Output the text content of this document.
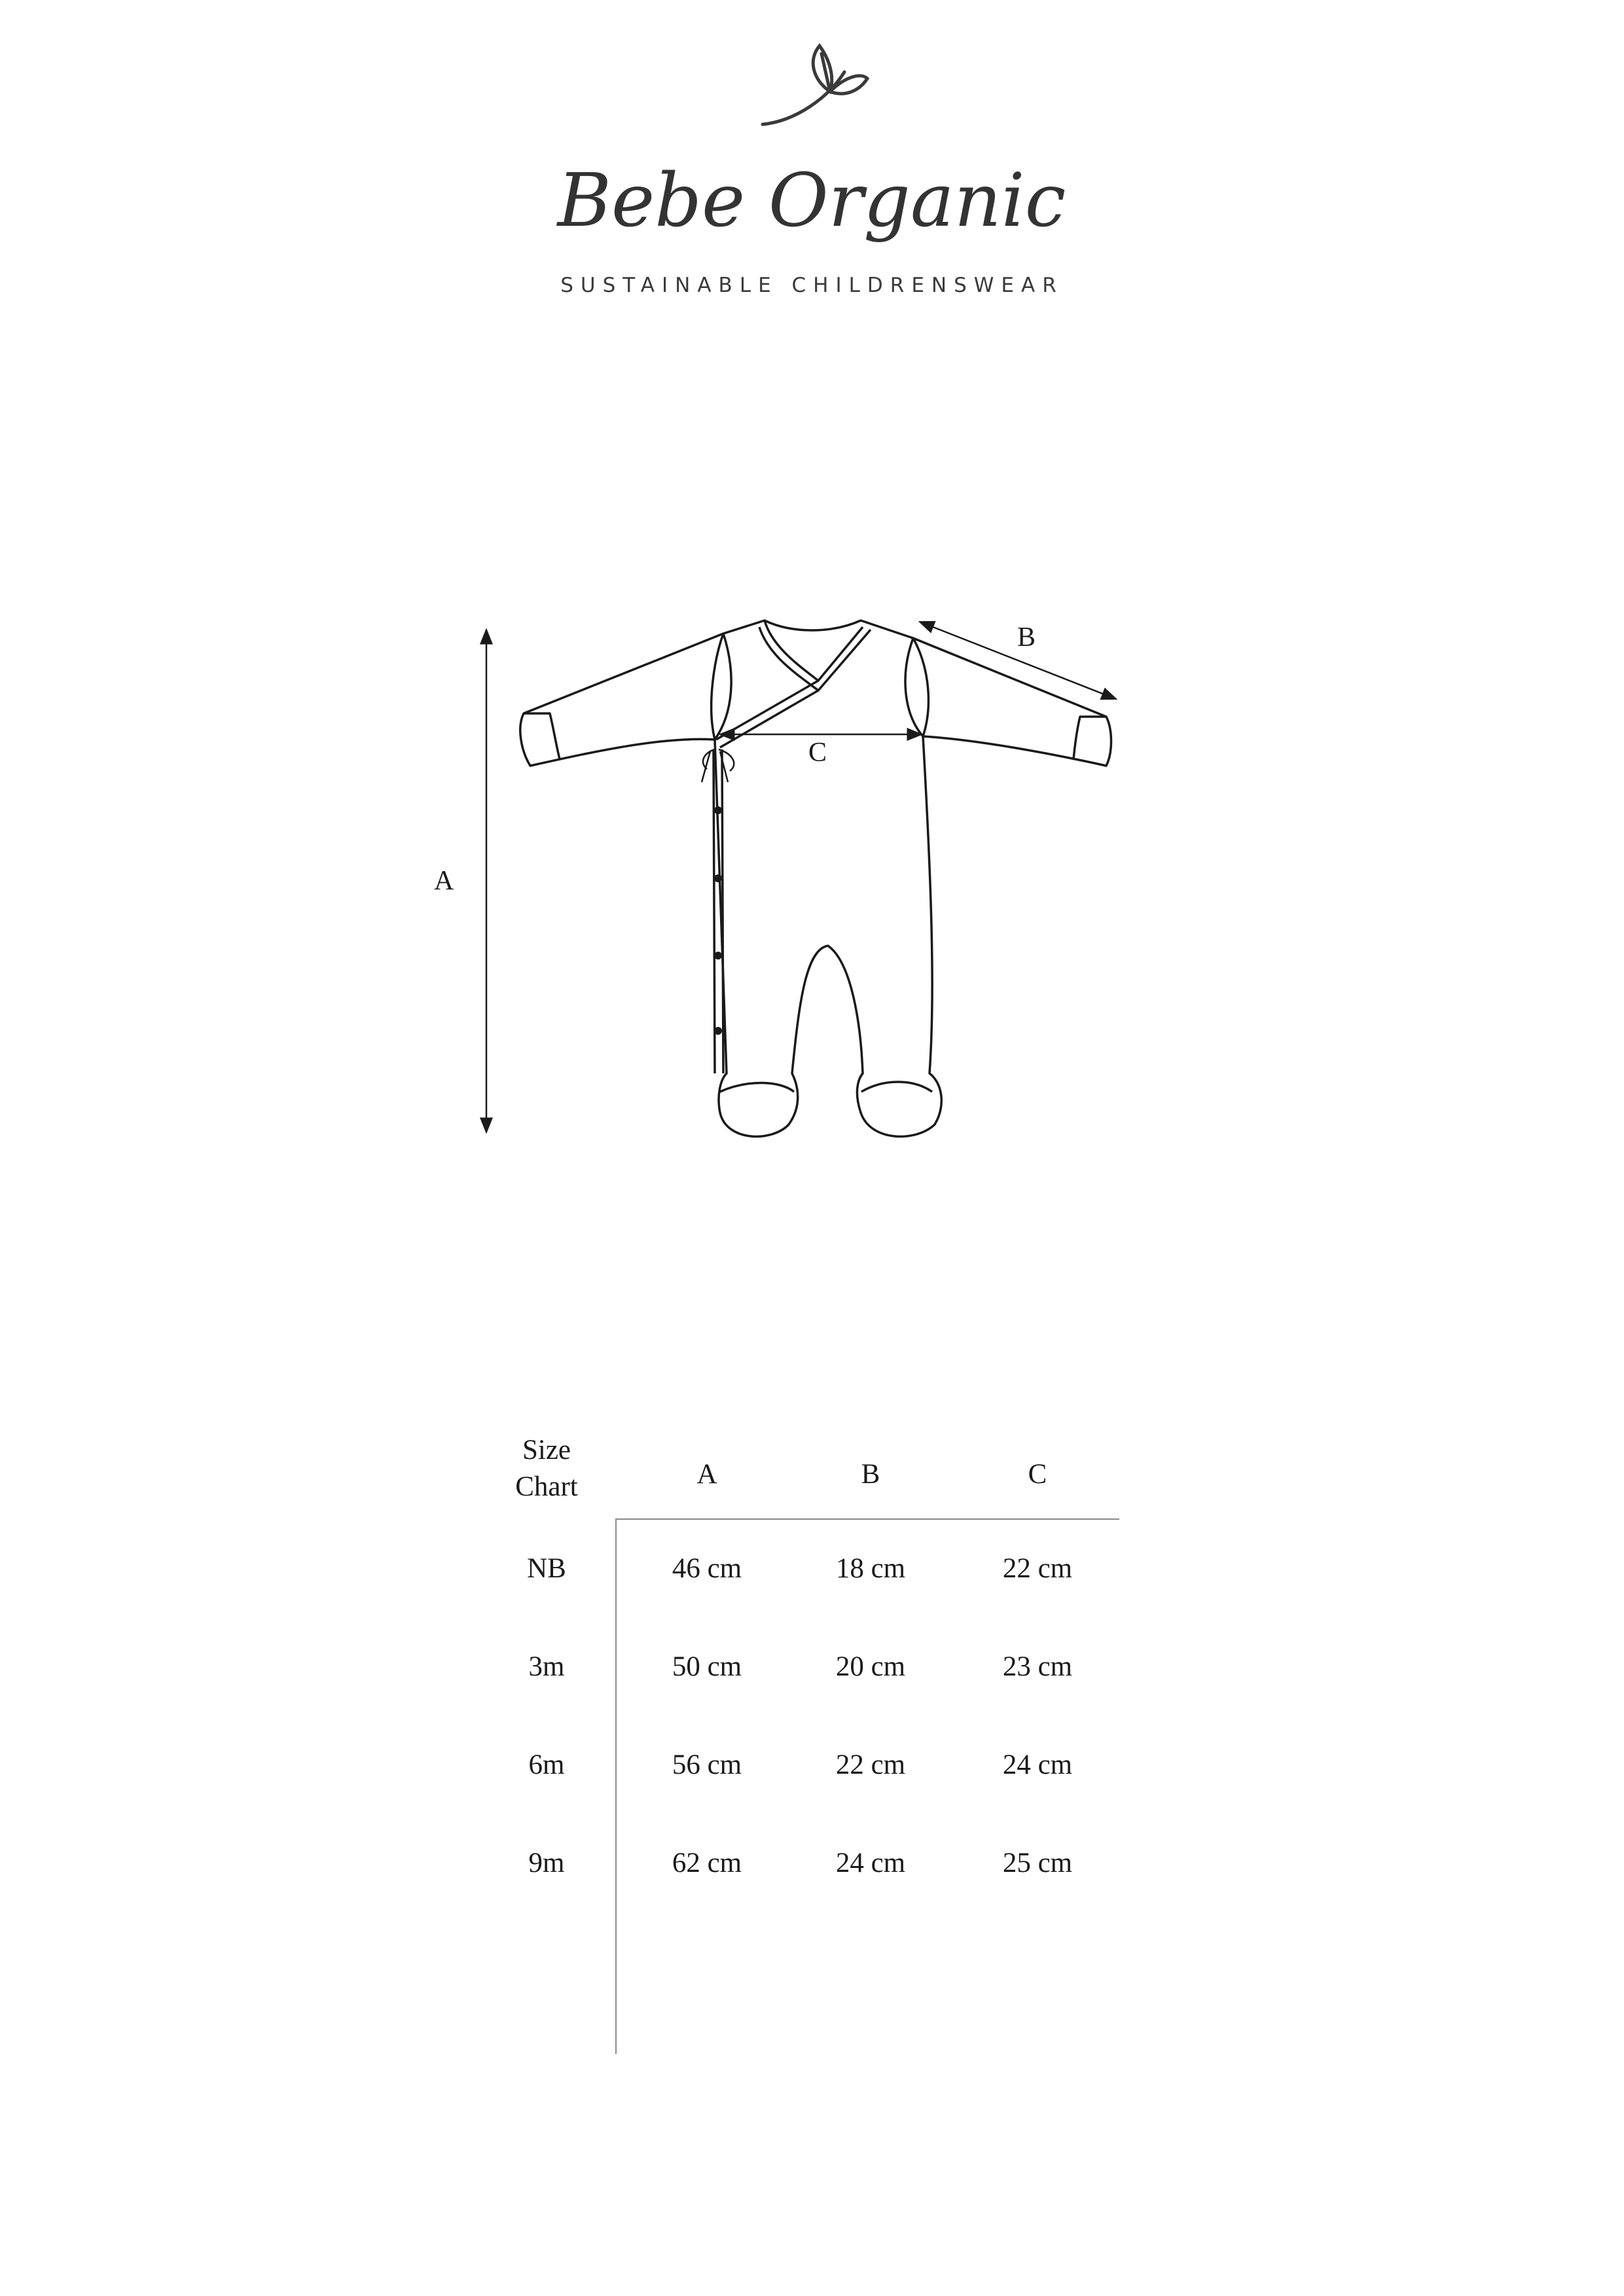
Bebe Organic
SUSTAINABLE CHILDRENSWEAR
A
B
C
Size
Chart	A	B	C
NB	46 cm	18 cm	22 cm
3m	50 cm	20 cm	23 cm
6m	56 cm	22 cm	24 cm
9m	62 cm	24 cm	25 cm
